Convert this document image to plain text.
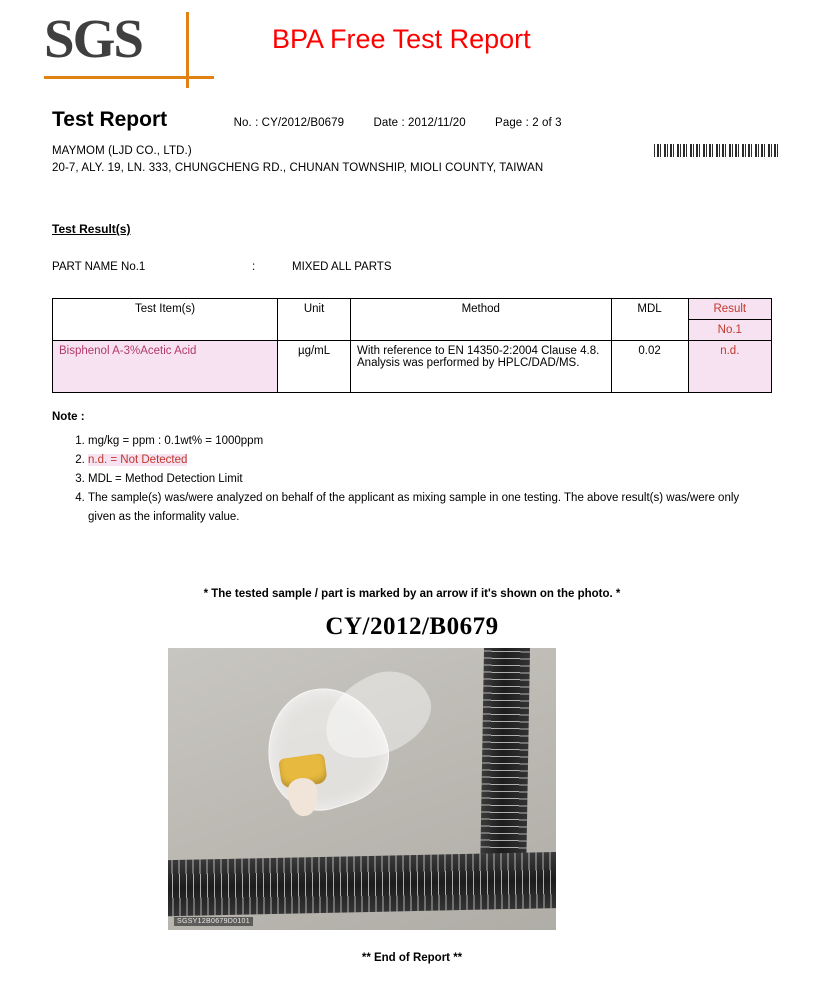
SGS	BPA Free Test Report
Test Report	No. : CY/2012/B0679	Date : 2012/11/20	Page : 2 of 3
MAYMOM (LJD CO., LTD.)
20-7, ALY. 19, LN. 333, CHUNGCHENG RD., CHUNAN TOWNSHIP, MIOLI COUNTY, TAIWAN
Test Result(s)
PART NAME No.1	:	MIXED ALL PARTS
Test Item(s)	Unit	Method	MDL	Result
				No.1
Bisphenol A-3%Acetic Acid	µg/mL	With reference to EN 14350-2:2004 Clause 4.8. Analysis was performed by HPLC/DAD/MS.	0.02	n.d.
Note :
1. mg/kg = ppm : 0.1wt% = 1000ppm
2. n.d. = Not Detected
3. MDL = Method Detection Limit
4. The sample(s) was/were analyzed on behalf of the applicant as mixing sample in one testing. The above result(s) was/were only given as the informality value.
* The tested sample / part is marked by an arrow if it's shown on the photo. *
CY/2012/B0679
SGSY12B0679D0101
** End of Report **
